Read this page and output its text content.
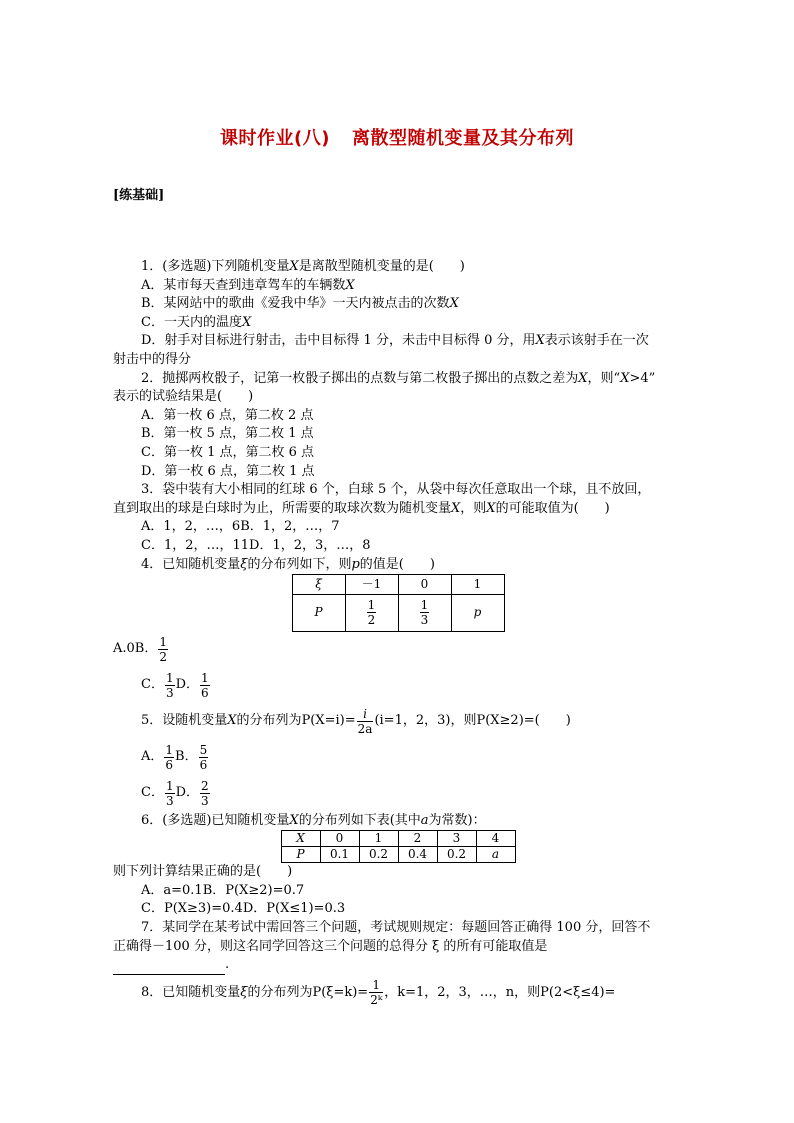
课时作业(八) 离散型随机变量及其分布列
[练基础]
1．(多选题)下列随机变量X是离散型随机变量的是(　　)
A．某市每天查到违章驾车的车辆数X
B．某网站中的歌曲《爱我中华》一天内被点击的次数X
C．一天内的温度X
D．射手对目标进行射击，击中目标得 1 分，未击中目标得 0 分，用X表示该射手在一次
射击中的得分
2．抛掷两枚骰子，记第一枚骰子掷出的点数与第二枚骰子掷出的点数之差为X，则“X>4”
表示的试验结果是(　　)
A．第一枚 6 点，第二枚 2 点
B．第一枚 5 点，第二枚 1 点
C．第一枚 1 点，第二枚 6 点
D．第一枚 6 点，第二枚 1 点
3．袋中装有大小相同的红球 6 个，白球 5 个，从袋中每次任意取出一个球，且不放回，
直到取出的球是白球时为止，所需要的取球次数为随机变量X，则X的可能取值为(　　)
A．1，2，…，6B．1，2，…，7
C．1，2，…，11D．1，2，3，…，8
4．已知随机变量ξ的分布列如下，则p的值是(　　)
ξ	－1	0	1
P	$\frac{1}{2}$	$\frac{1}{3}$	p
A.0B． $\frac{1}{2}$
C． $\frac{1}{3}$ D． $\frac{1}{6}$
5．设随机变量 X 的分布列为 $P(X=i)= \frac{i}{2a} (i=1$，2，3)，则 P(X≥2)=(　　)
A． $\frac{1}{6}$ B． $\frac{5}{6}$
C． $\frac{1}{3}$ D． $\frac{2}{3}$
6．(多选题)已知随机变量X的分布列如下表(其中a为常数)：
X	0	1	2	3	4
P	0.1	0.2	0.4	0.2	a
则下列计算结果正确的是(　　)
A．a=0.1B．P(X≥2)=0.7
C．P(X≥3)=0.4D．P(X≤1)=0.3
7．某同学在某考试中需回答三个问题，考试规则规定：每题回答正确得 100 分，回答不
正确得－100 分，则这名同学回答这三个问题的总得分 ξ 的所有可能取值是
.
8．已知随机变量 ξ 的分布列为 $P(\xi=k)= \frac{1}{\text{2ᵏ}}$ ，k=1，2，3，…，n，则 P(2<ξ≤4)=
